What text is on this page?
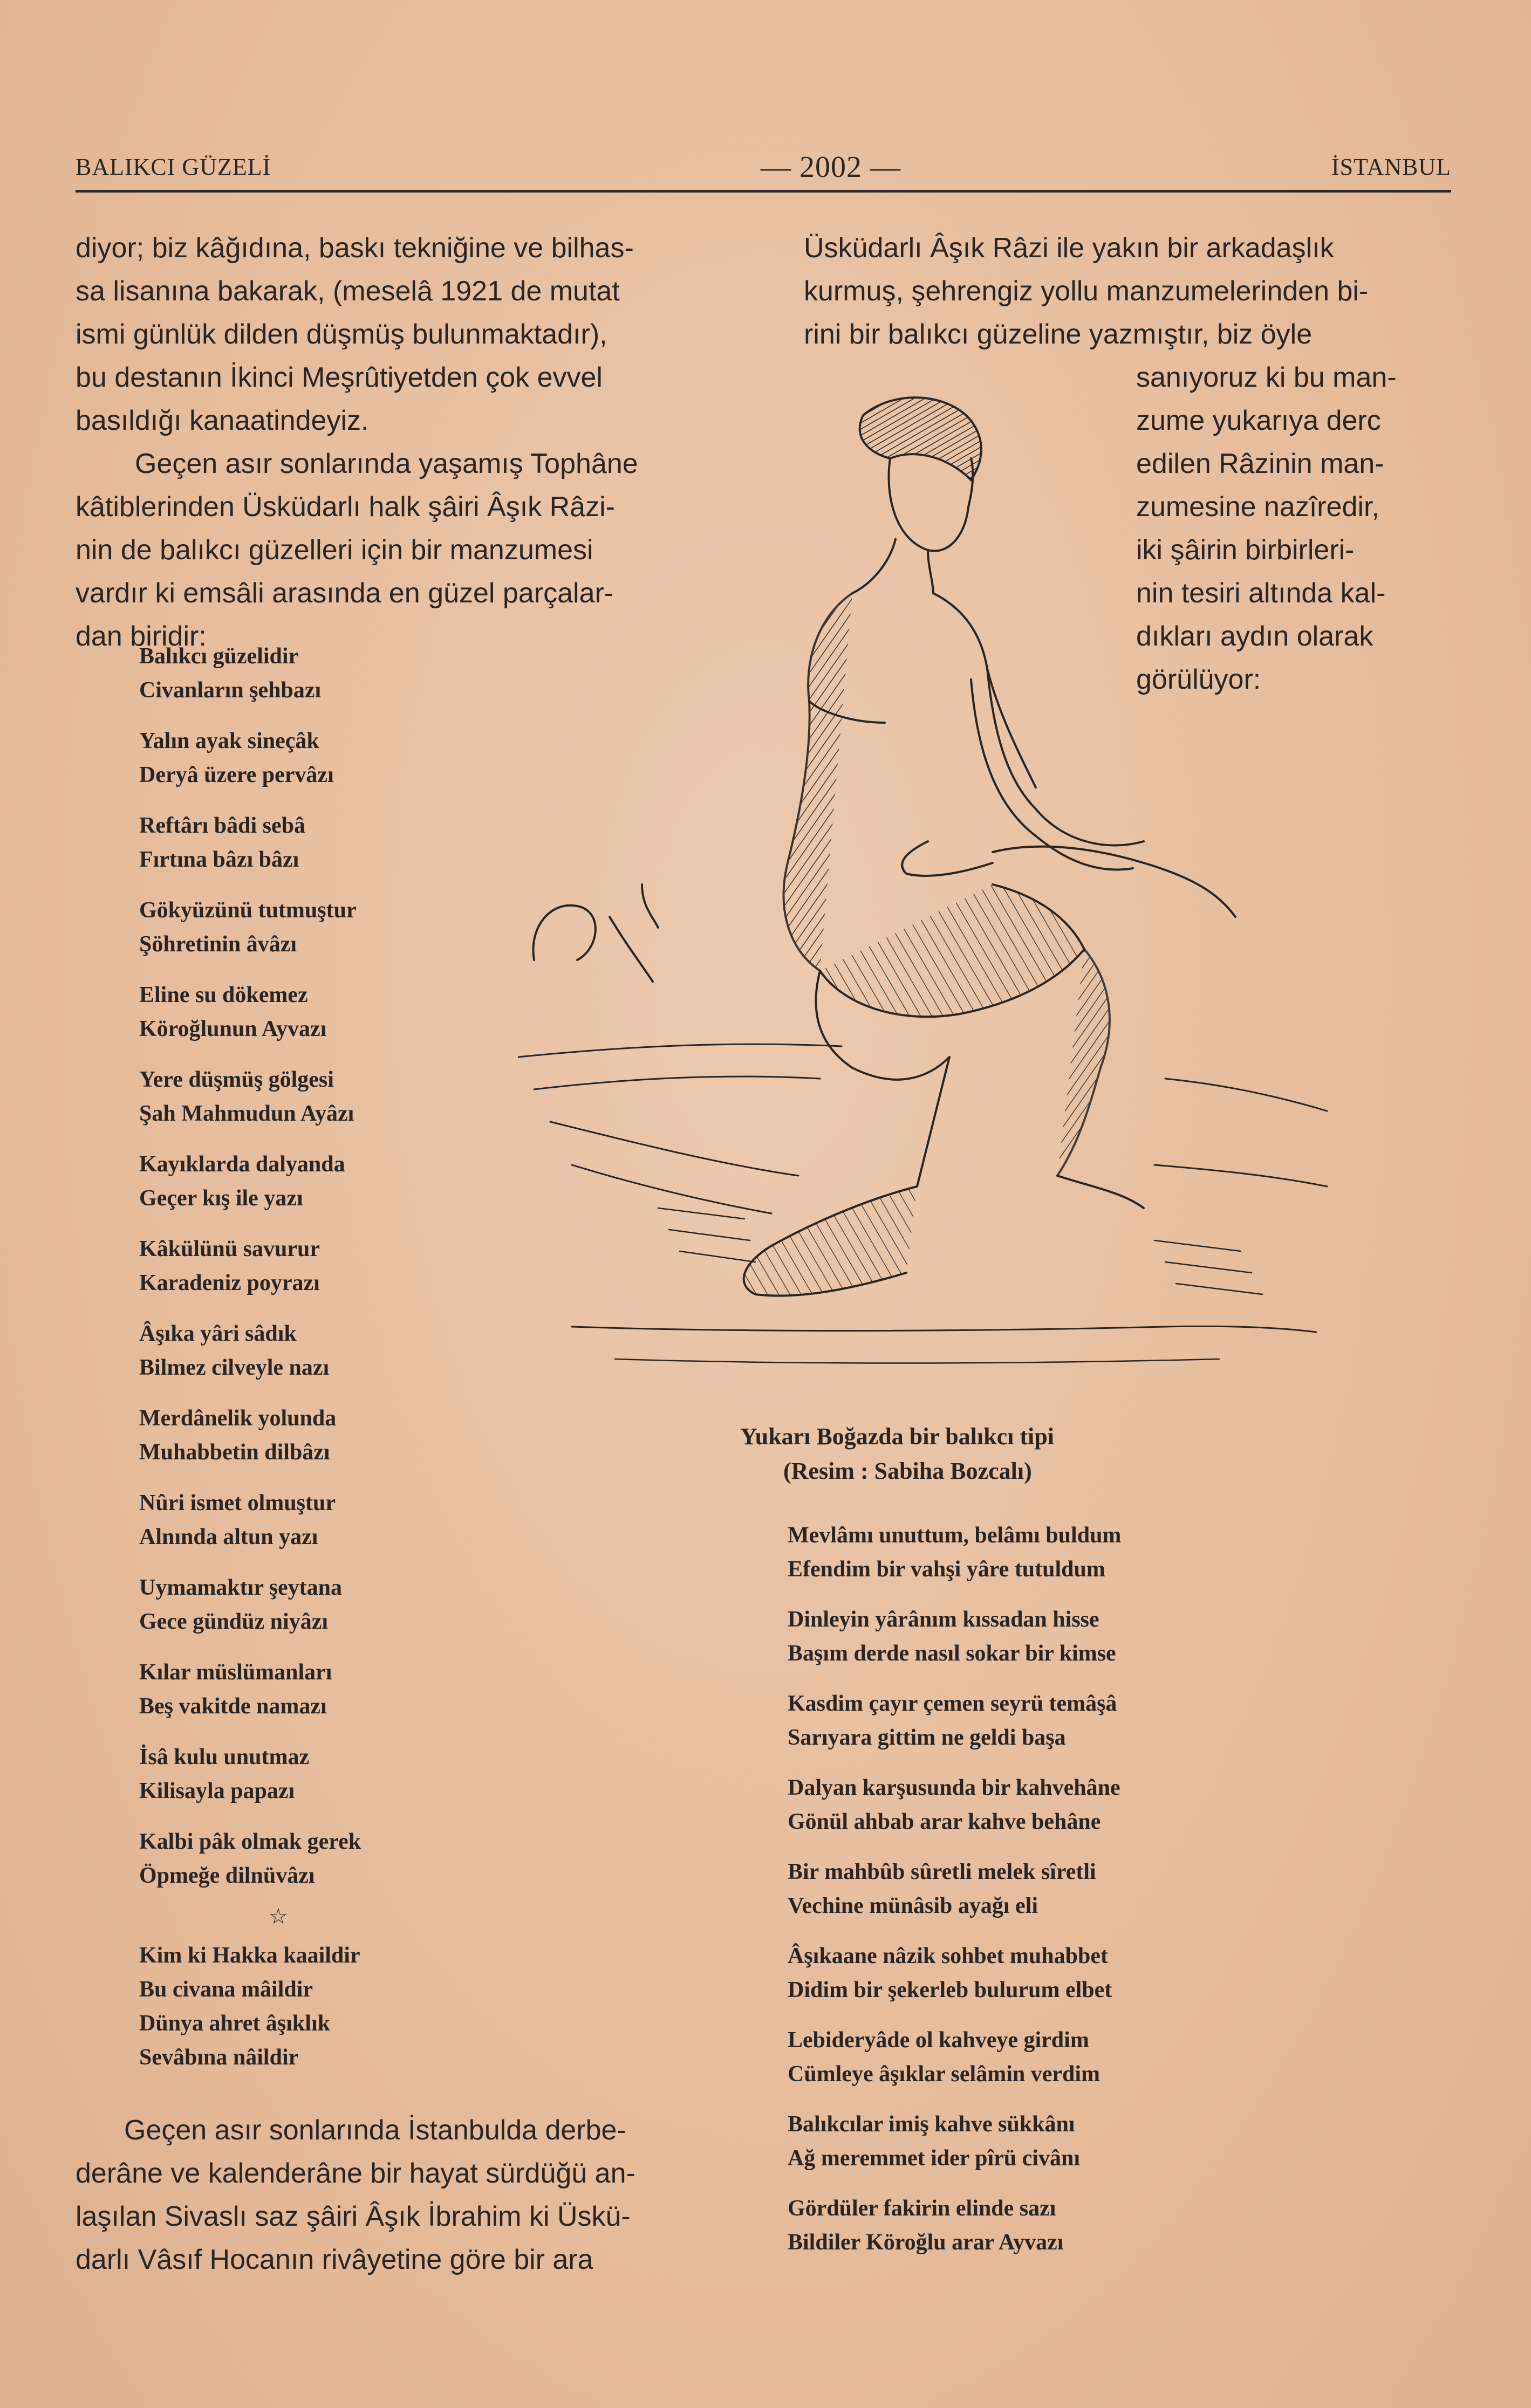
BALIKCI GÜZELİ	— 2002 —	İSTANBUL
diyor; biz kâğıdına, baskı tekniğine ve bilhas-
sa lisanına bakarak, (meselâ 1921 de mutat
ismi günlük dilden düşmüş bulunmaktadır),
bu destanın İkinci Meşrûtiyetden çok evvel
basıldığı kanaatindeyiz.
Geçen asır sonlarında yaşamış Tophâne
kâtiblerinden Üsküdarlı halk şâiri Âşık Râzi-
nin de balıkcı güzelleri için bir manzumesi
vardır ki emsâli arasında en güzel parçalar-
dan biridir:
Balıkcı güzelidir
Civanların şehbazı
Yalın ayak sineçâk
Deryâ üzere pervâzı
Reftârı bâdi sebâ
Fırtına bâzı bâzı
Gökyüzünü tutmuştur
Şöhretinin âvâzı
Eline su dökemez
Köroğlunun Ayvazı
Yere düşmüş gölgesi
Şah Mahmudun Ayâzı
Kayıklarda dalyanda
Geçer kış ile yazı
Kâkülünü savurur
Karadeniz poyrazı
Âşıka yâri sâdık
Bilmez cilveyle nazı
Merdânelik yolunda
Muhabbetin dilbâzı
Nûri ismet olmuştur
Alnında altun yazı
Uymamaktır şeytana
Gece gündüz niyâzı
Kılar müslümanları
Beş vakitde namazı
İsâ kulu unutmaz
Kilisayla papazı
Kalbi pâk olmak gerek
Öpmeğe dilnüvâzı
☆
Kim ki Hakka kaaildir
Bu civana mâildir
Dünya ahret âşıklık
Sevâbına nâildir
Geçen asır sonlarında İstanbulda derbe-
derâne ve kalenderâne bir hayat sürdüğü an-
laşılan Sivaslı saz şâiri Âşık İbrahim ki Üskü-
darlı Vâsıf Hocanın rivâyetine göre bir ara
Üsküdarlı Âşık Râzi ile yakın bir arkadaşlık
kurmuş, şehrengiz yollu manzumelerinden bi-
rini bir balıkcı güzeline yazmıştır, biz öyle
sanıyoruz ki bu man-
zume yukarıya derc
edilen Râzinin man-
zumesine nazîredir,
iki şâirin birbirleri-
nin tesiri altında kal-
dıkları aydın olarak
görülüyor:
Yukarı Boğazda bir balıkcı tipi
(Resim : Sabiha Bozcalı)
Mevlâmı unuttum, belâmı buldum
Efendim bir vahşi yâre tutuldum
Dinleyin yârânım kıssadan hisse
Başım derde nasıl sokar bir kimse
Kasdim çayır çemen seyrü temâşâ
Sarıyara gittim ne geldi başa
Dalyan karşusunda bir kahvehâne
Gönül ahbab arar kahve behâne
Bir mahbûb sûretli melek sîretli
Vechine münâsib ayağı eli
Âşıkaane nâzik sohbet muhabbet
Didim bir şekerleb bulurum elbet
Lebideryâde ol kahveye girdim
Cümleye âşıklar selâmin verdim
Balıkcılar imiş kahve sükkânı
Ağ meremmet ider pîrü civânı
Gördüler fakirin elinde sazı
Bildiler Köroğlu arar Ayvazı
